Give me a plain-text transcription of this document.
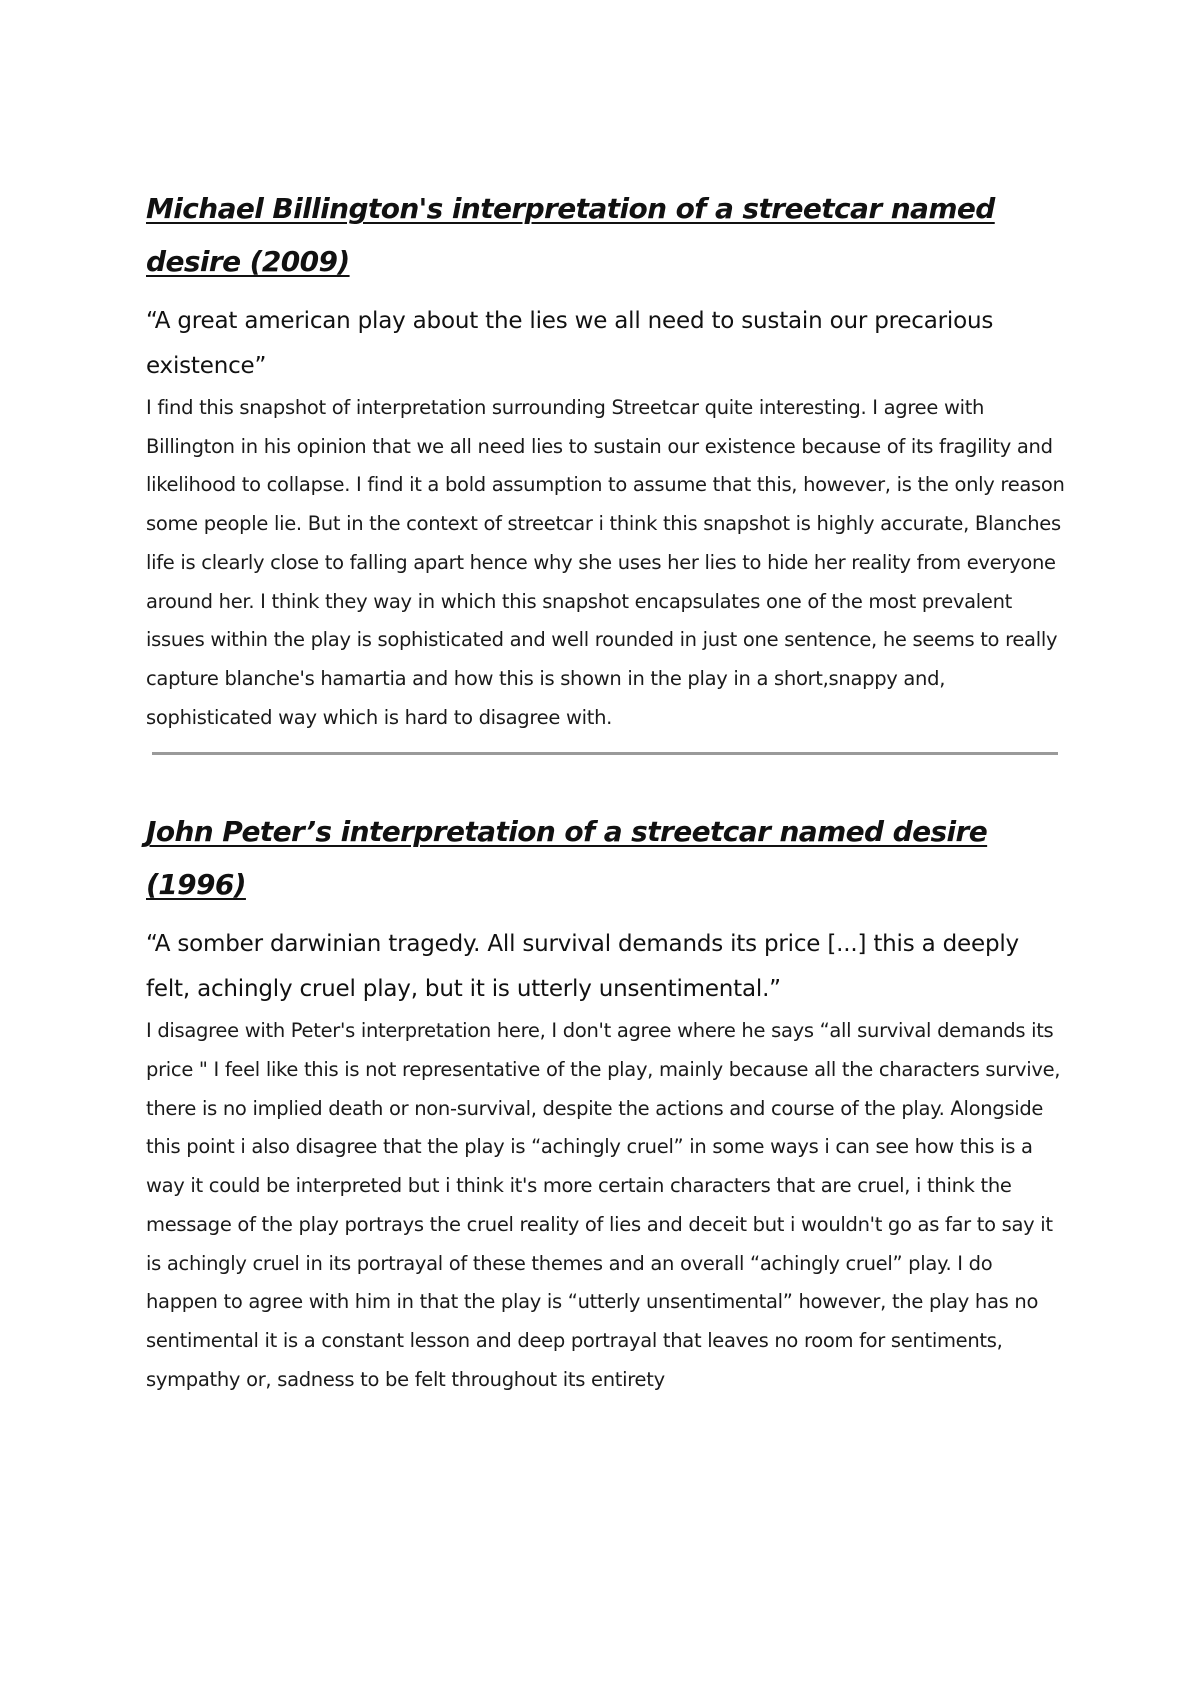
Michael Billington's interpretation of a streetcar named desire (2009)

“A great american play about the lies we all need to sustain our precarious existence”

I find this snapshot of interpretation surrounding Streetcar quite interesting. I agree with Billington in his opinion that we all need lies to sustain our existence because of its fragility and likelihood to collapse. I find it a bold assumption to assume that this, however, is the only reason some people lie. But in the context of streetcar i think this snapshot is highly accurate, Blanches life is clearly close to falling apart hence why she uses her lies to hide her reality from everyone around her. I think they way in which this snapshot encapsulates one of the most prevalent issues within the play is sophisticated and well rounded in just one sentence, he seems to really capture blanche's hamartia and how this is shown in the play in a short,snappy and, sophisticated way which is hard to disagree with.

John Peter’s interpretation of a streetcar named desire (1996)

“A somber darwinian tragedy. All survival demands its price [...] this a deeply felt, achingly cruel play, but it is utterly unsentimental.”

I disagree with Peter's interpretation here, I don't agree where he says “all survival demands its price " I feel like this is not representative of the play, mainly because all the characters survive, there is no implied death or non-survival, despite the actions and course of the play. Alongside this point i also disagree that the play is “achingly cruel” in some ways i can see how this is a way it could be interpreted but i think it's more certain characters that are cruel, i think the message of the play portrays the cruel reality of lies and deceit but i wouldn't go as far to say it is achingly cruel in its portrayal of these themes and an overall “achingly cruel” play. I do happen to agree with him in that the play is “utterly unsentimental” however, the play has no sentimental it is a constant lesson and deep portrayal that leaves no room for sentiments, sympathy or, sadness to be felt throughout its entirety
